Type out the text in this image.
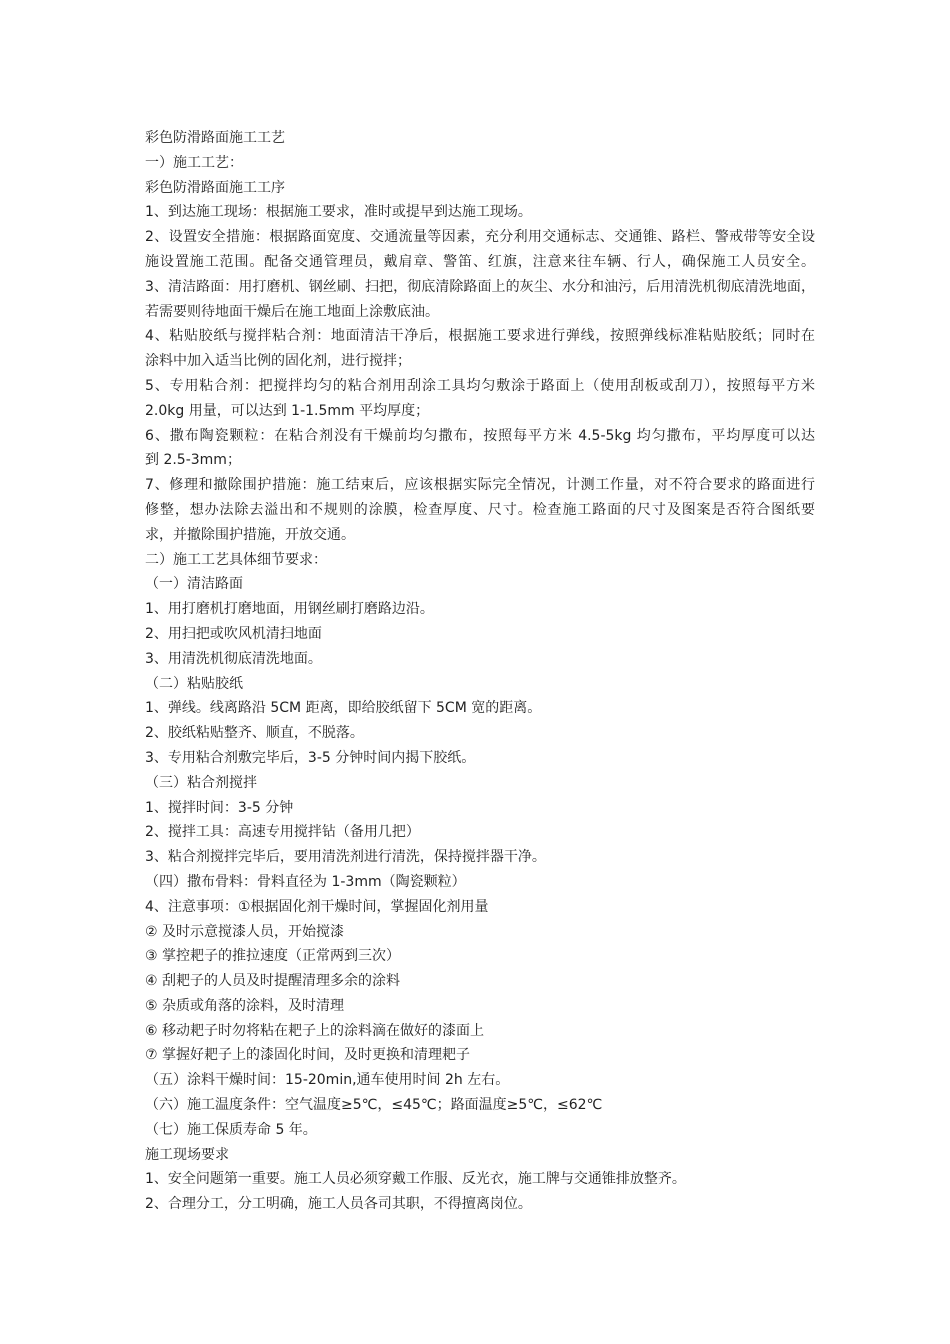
彩色防滑路面施工工艺
一）施工工艺：
彩色防滑路面施工工序
1、到达施工现场：根据施工要求，准时或提早到达施工现场。
2、设置安全措施：根据路面宽度、交通流量等因素，充分利用交通标志、交通锥、路栏、警戒带等安全设
施设置施工范围。配备交通管理员，戴肩章、警笛、红旗，注意来往车辆、行人，确保施工人员安全。
3、清洁路面：用打磨机、钢丝刷、扫把，彻底清除路面上的灰尘、水分和油污，后用清洗机彻底清洗地面，
若需要则待地面干燥后在施工地面上涂敷底油。
4、粘贴胶纸与搅拌粘合剂：地面清洁干净后，根据施工要求进行弹线，按照弹线标准粘贴胶纸；同时在
涂料中加入适当比例的固化剂，进行搅拌；
5、专用粘合剂：把搅拌均匀的粘合剂用刮涂工具均匀敷涂于路面上（使用刮板或刮刀），按照每平方米
2.0kg 用量，可以达到 1-1.5mm 平均厚度；
6、撒布陶瓷颗粒：在粘合剂没有干燥前均匀撒布，按照每平方米 4.5-5kg 均匀撒布，平均厚度可以达
到 2.5-3mm；
7、修理和撤除围护措施：施工结束后，应该根据实际完全情况，计测工作量，对不符合要求的路面进行
修整，想办法除去溢出和不规则的涂膜，检查厚度、尺寸。检查施工路面的尺寸及图案是否符合图纸要
求，并撤除围护措施，开放交通。
二）施工工艺具体细节要求：
（一）清洁路面
1、用打磨机打磨地面，用钢丝刷打磨路边沿。
2、用扫把或吹风机清扫地面
3、用清洗机彻底清洗地面。
（二）粘贴胶纸
1、弹线。线离路沿 5CM 距离，即给胶纸留下 5CM 宽的距离。
2、胶纸粘贴整齐、顺直，不脱落。
3、专用粘合剂敷完毕后，3-5 分钟时间内揭下胶纸。
（三）粘合剂搅拌
1、搅拌时间：3-5 分钟
2、搅拌工具：高速专用搅拌钻（备用几把）
3、粘合剂搅拌完毕后，要用清洗剂进行清洗，保持搅拌器干净。
（四）撒布骨料：骨料直径为 1-3mm（陶瓷颗粒）
4、注意事项：①根据固化剂干燥时间，掌握固化剂用量
② 及时示意搅漆人员，开始搅漆
③ 掌控耙子的推拉速度（正常两到三次）
④ 刮耙子的人员及时提醒清理多余的涂料
⑤ 杂质或角落的涂料，及时清理
⑥ 移动耙子时勿将粘在耙子上的涂料滴在做好的漆面上
⑦ 掌握好耙子上的漆固化时间，及时更换和清理耙子
（五）涂料干燥时间：15-20min,通车使用时间 2h 左右。
（六）施工温度条件：空气温度≥5℃，≤45℃；路面温度≥5℃，≤62℃
（七）施工保质寿命 5 年。
施工现场要求
1、安全问题第一重要。施工人员必须穿戴工作服、反光衣，施工牌与交通锥排放整齐。
2、合理分工，分工明确，施工人员各司其职，不得擅离岗位。
